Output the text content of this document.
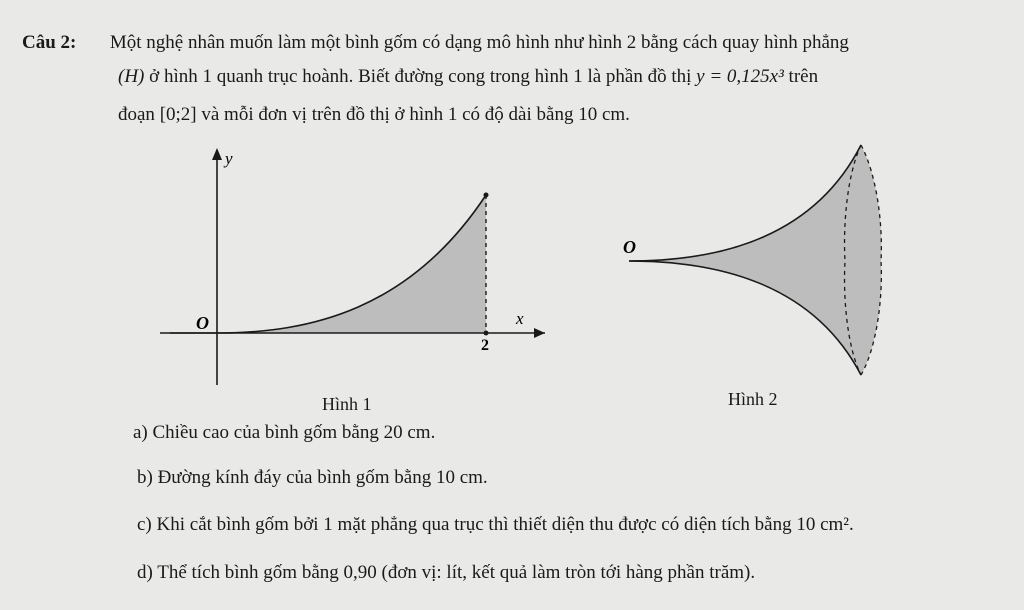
Câu 2: Một nghệ nhân muốn làm một bình gốm có dạng mô hình như hình 2 bằng cách quay hình phẳng
(H) ở hình 1 quanh trục hoành. Biết đường cong trong hình 1 là phần đồ thị y = 0,125x³ trên
đoạn [0;2] và mỗi đơn vị trên đồ thị ở hình 1 có độ dài bằng 10 cm.
y
x
O
2
Hình 1
O
Hình 2
a) Chiều cao của bình gốm bằng 20 cm.
b) Đường kính đáy của bình gốm bằng 10 cm.
c) Khi cắt bình gốm bởi 1 mặt phẳng qua trục thì thiết diện thu được có diện tích bằng 10 cm².
d) Thể tích bình gốm bằng 0,90 (đơn vị: lít, kết quả làm tròn tới hàng phần trăm).
